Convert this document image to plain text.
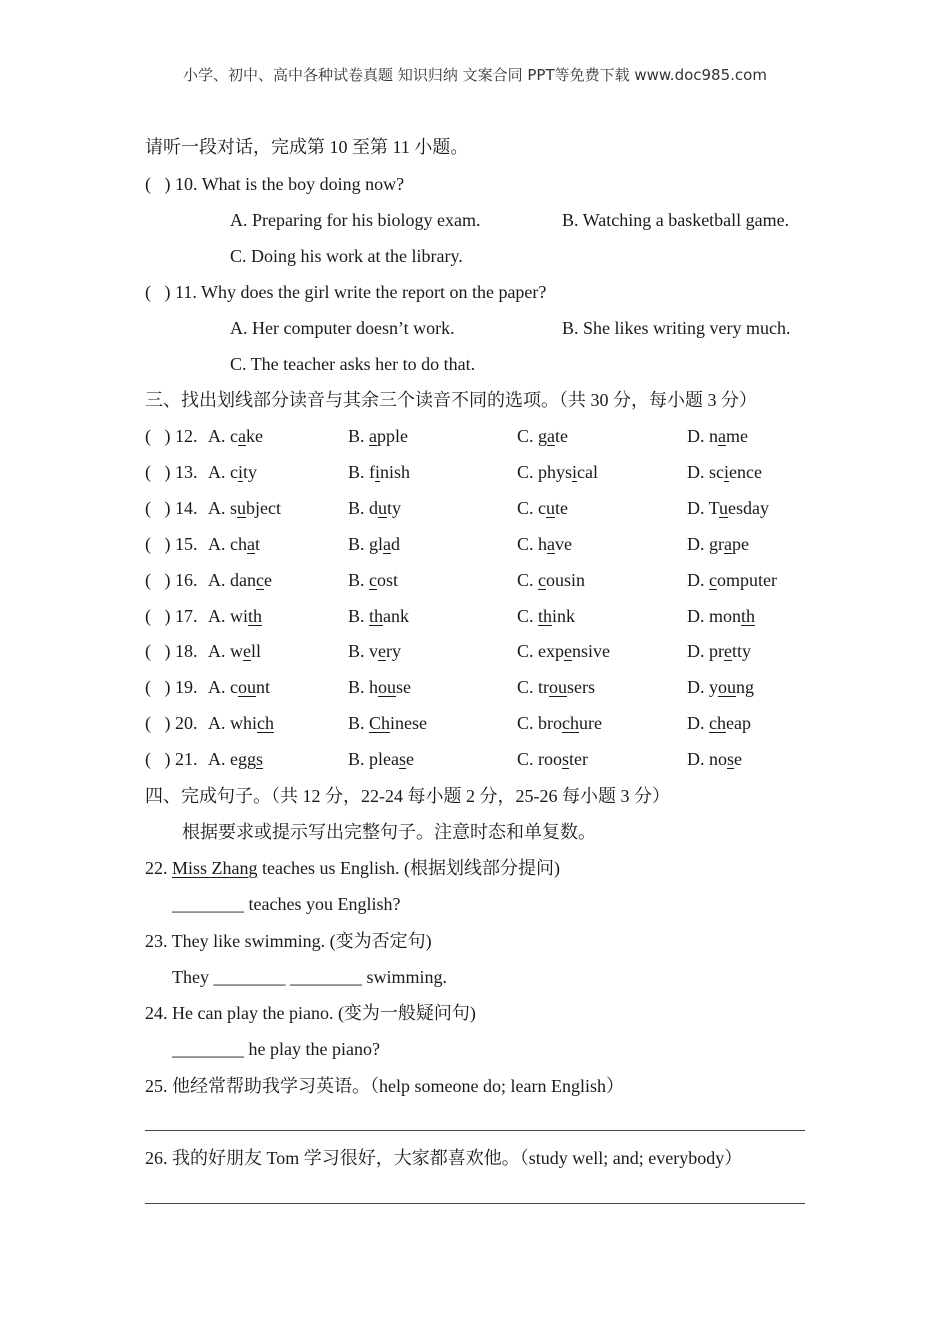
小学、初中、高中各种试卷真题 知识归纳 文案合同 PPT等免费下载 www.doc985.com
请听一段对话，完成第 10 至第 11 小题。
(   ) 10. What is the boy doing now?
A. Preparing for his biology exam.	B. Watching a basketball game.
C. Doing his work at the library.
(   ) 11. Why does the girl write the report on the paper?
A. Her computer doesn’t work.	B. She likes writing very much.
C. The teacher asks her to do that.
三、找出划线部分读音与其余三个读音不同的选项。（共 30 分，每小题 3 分）
(   ) 12. A. cake	B. apple	C. gate	D. name
(   ) 13. A. city	B. finish	C. physical	D. science
(   ) 14. A. subject	B. duty	C. cute	D. Tuesday
(   ) 15. A. chat	B. glad	C. have	D. grape
(   ) 16. A. dance	B. cost	C. cousin	D. computer
(   ) 17. A. with	B. thank	C. think	D. month
(   ) 18. A. well	B. very	C. expensive	D. pretty
(   ) 19. A. count	B. house	C. trousers	D. young
(   ) 20. A. which	B. Chinese	C. brochure	D. cheap
(   ) 21. A. eggs	B. please	C. rooster	D. nose
四、完成句子。（共 12 分，22-24 每小题 2 分，25-26 每小题 3 分）
根据要求或提示写出完整句子。注意时态和单复数。
22. Miss Zhang teaches us English. (根据划线部分提问)
________ teaches you English?
23. They like swimming. (变为否定句)
They ________ ________ swimming.
24. He can play the piano. (变为一般疑问句)
________ he play the piano?
25. 他经常帮助我学习英语。（help someone do; learn English）
26. 我的好朋友 Tom 学习很好，大家都喜欢他。（study well; and; everybody）
